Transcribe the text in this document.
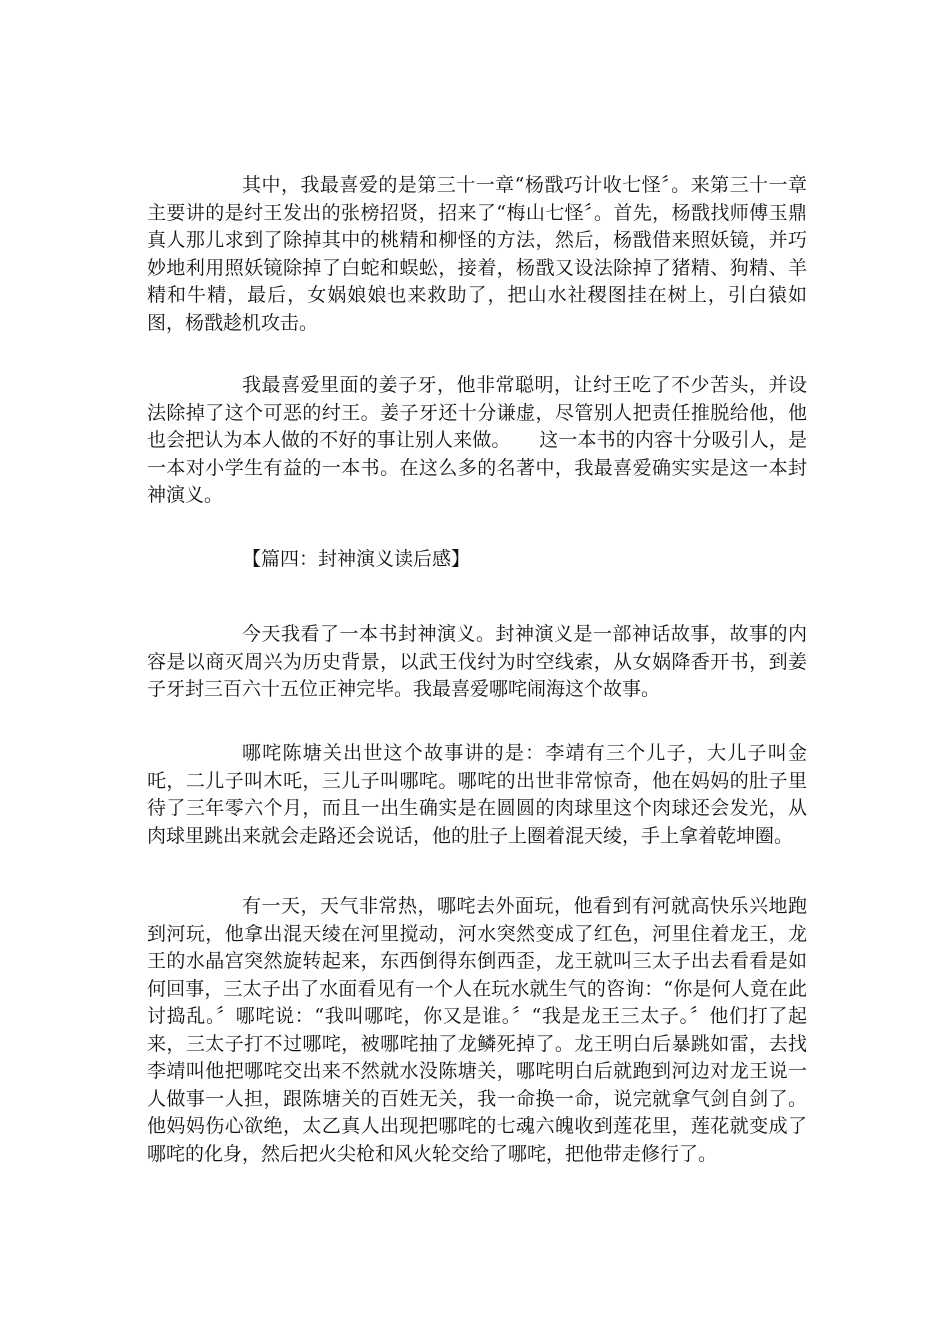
其中，我最喜爱的是第三十一章“杨戬巧计收七怪〞。来第三十一章主要讲的是纣王发出的张榜招贤，招来了“梅山七怪〞。首先，杨戬找师傅玉鼎真人那儿求到了除掉其中的桃精和柳怪的方法，然后，杨戬借来照妖镜，并巧妙地利用照妖镜除掉了白蛇和蜈蚣，接着，杨戬又设法除掉了猪精、狗精、羊精和牛精，最后，女娲娘娘也来救助了，把山水社稷图挂在树上，引白猿如图，杨戬趁机攻击。

我最喜爱里面的姜子牙，他非常聪明，让纣王吃了不少苦头，并设法除掉了这个可恶的纣王。姜子牙还十分谦虚，尽管别人把责任推脱给他，他也会把认为本人做的不好的事让别人来做。　　这一本书的内容十分吸引人，是一本对小学生有益的一本书。在这么多的名著中，我最喜爱确实实是这一本封神演义。

【篇四：封神演义读后感】

今天我看了一本书封神演义。封神演义是一部神话故事，故事的内容是以商灭周兴为历史背景，以武王伐纣为时空线索，从女娲降香开书，到姜子牙封三百六十五位正神完毕。我最喜爱哪咤闹海这个故事。

哪咤陈塘关出世这个故事讲的是：李靖有三个儿子，大儿子叫金吒，二儿子叫木吒，三儿子叫哪咤。哪咤的出世非常惊奇，他在妈妈的肚子里待了三年零六个月，而且一出生确实是在圆圆的肉球里这个肉球还会发光，从肉球里跳出来就会走路还会说话，他的肚子上圈着混天绫，手上拿着乾坤圈。

有一天，天气非常热，哪咤去外面玩，他看到有河就高快乐兴地跑到河玩，他拿出混天绫在河里搅动，河水突然变成了红色，河里住着龙王，龙王的水晶宫突然旋转起来，东西倒得东倒西歪，龙王就叫三太子出去看看是如何回事，三太子出了水面看见有一个人在玩水就生气的咨询：“你是何人竟在此讨捣乱。〞哪咤说：“我叫哪咤，你又是谁。〞“我是龙王三太子。〞他们打了起来，三太子打不过哪咤，被哪咤抽了龙鳞死掉了。龙王明白后暴跳如雷，去找李靖叫他把哪咤交出来不然就水没陈塘关，哪咤明白后就跑到河边对龙王说一人做事一人担，跟陈塘关的百姓无关，我一命换一命，说完就拿气剑自剑了。他妈妈伤心欲绝，太乙真人出现把哪咤的七魂六魄收到莲花里，莲花就变成了哪咤的化身，然后把火尖枪和风火轮交给了哪咤，把他带走修行了。
